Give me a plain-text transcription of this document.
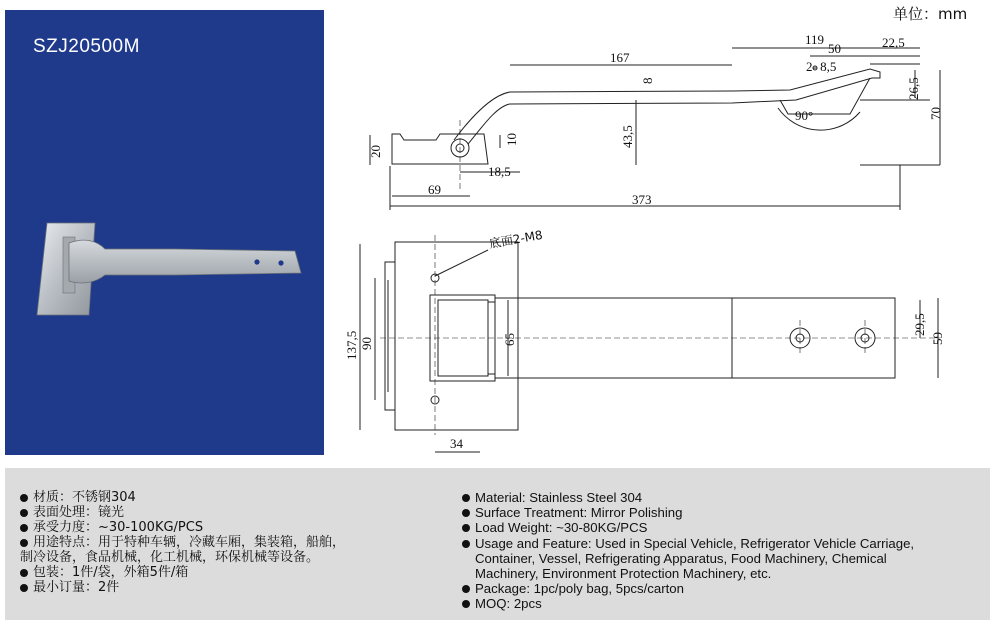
SZJ20500M
单位：mm
119
50	22,5
167
2- 8,5
8	26,5
70
90°
43,5
10
20
18,5
69
373
底面2-M8
137,5 90	65
29,5
59
34
材质：不锈钢304
表面处理：镜光
承受力度：~30-100KG/PCS
用途特点：用于特种车辆，冷藏车厢，集装箱，船舶，
制冷设备，食品机械，化工机械，环保机械等设备。
包装：1件/袋，外箱5件/箱
最小订量：2件
Material: Stainless Steel 304
Surface Treatment: Mirror Polishing
Load Weight: ~30-80KG/PCS
Usage and Feature: Used in Special Vehicle, Refrigerator Vehicle Carriage,
Container, Vessel, Refrigerating Apparatus, Food Machinery, Chemical
Machinery, Environment Protection Machinery, etc.
Package: 1pc/poly bag, 5pcs/carton
MOQ: 2pcs
